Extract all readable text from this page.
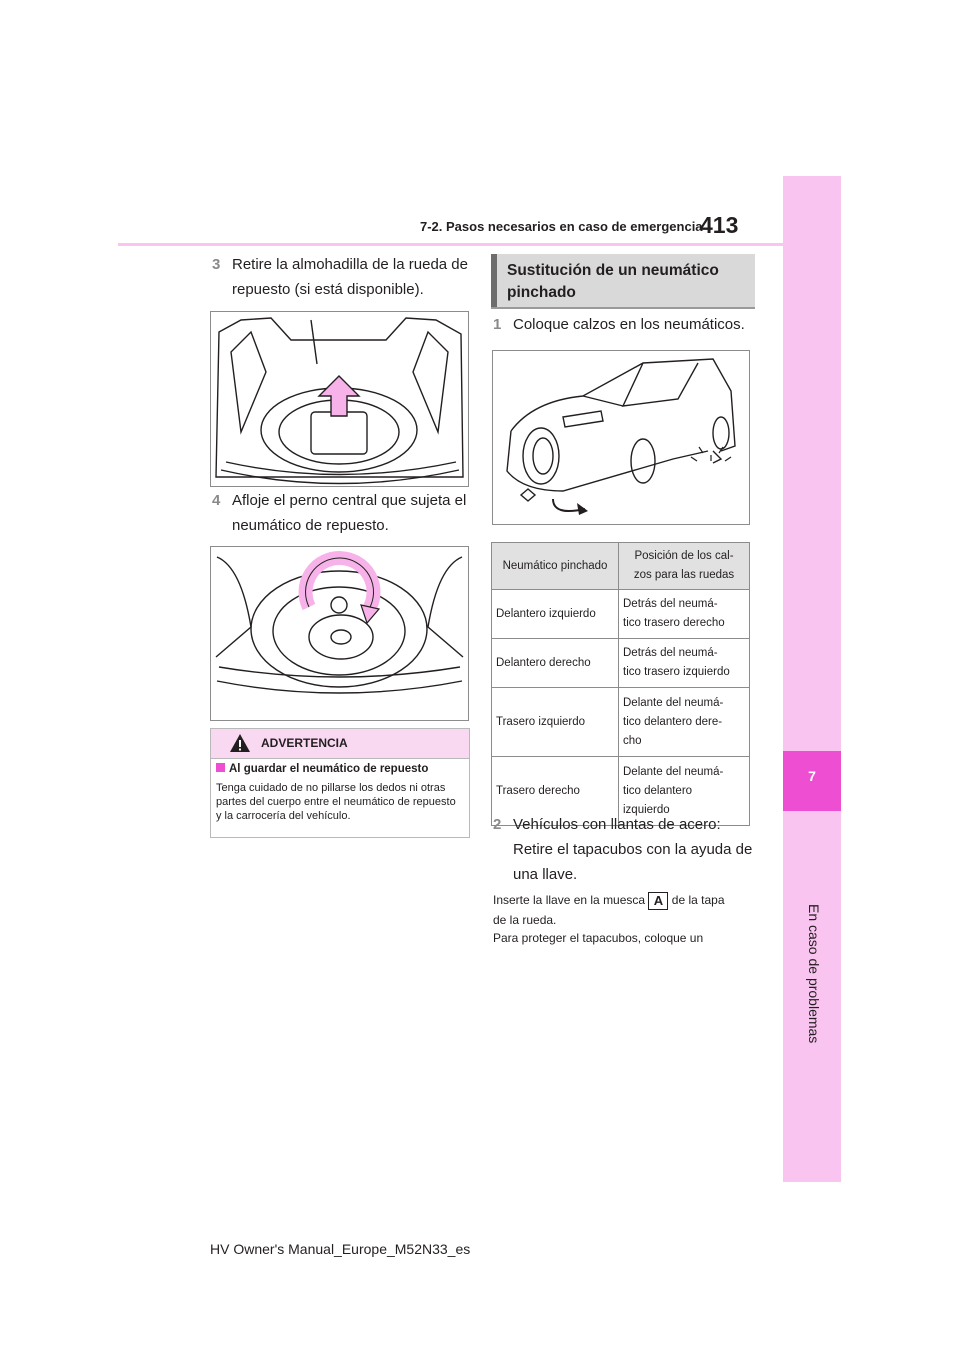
7
En caso de problemas
7-2. Pasos necesarios en caso de emergencia
413
3 Retire la almohadilla de la rueda de
repuesto (si está disponible).
4 Afloje el perno central que sujeta el
neumático de repuesto.
ADVERTENCIA
Al guardar el neumático de repuesto
Tenga cuidado de no pillarse los dedos ni otras partes del cuerpo entre el neumático de repuesto y la carrocería del vehículo.
Sustitución de un neumático pinchado
1 Coloque calzos en los neumáticos.
Neumático pinchado	Posición de los cal-
zos para las ruedas

Delantero izquierdo	Detrás del neumá-
tico trasero derecho

Delantero derecho	Detrás del neumá-
tico trasero izquierdo

Trasero izquierdo	Delante del neumá-
tico delantero dere-
cho

Trasero derecho	Delante del neumá-
tico delantero
izquierdo
2 Vehículos con llantas de acero:
Retire el tapacubos con la ayuda de
una llave.
Inserte la llave en la muesca A de la tapa
de la rueda.
Para proteger el tapacubos, coloque un
HV Owner's Manual_Europe_M52N33_es
